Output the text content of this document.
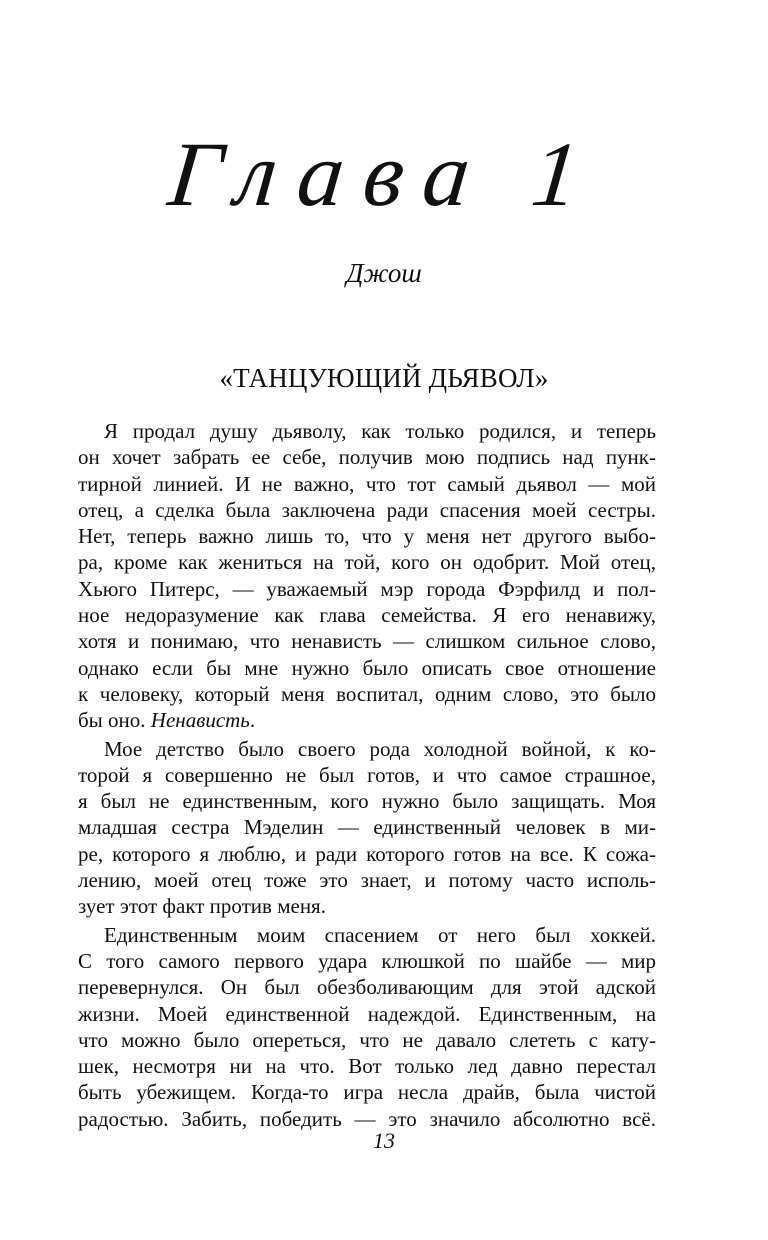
Глава 1
Джош
«ТАНЦУЮЩИЙ ДЬЯВОЛ»
Я продал душу дьяволу, как только родился, и теперь
он хочет забрать ее себе, получив мою подпись над пунк-
тирной линией. И не важно, что тот самый дьявол — мой
отец, а сделка была заключена ради спасения моей сестры.
Нет, теперь важно лишь то, что у меня нет другого выбо-
ра, кроме как жениться на той, кого он одобрит. Мой отец,
Хьюго Питерс, — уважаемый мэр города Фэрфилд и пол-
ное недоразумение как глава семейства. Я его ненавижу,
хотя и понимаю, что ненависть — слишком сильное слово,
однако если бы мне нужно было описать свое отношение
к человеку, который меня воспитал, одним слово, это было
бы оно. Ненависть.
Мое детство было своего рода холодной войной, к ко-
торой я совершенно не был готов, и что самое страшное,
я был не единственным, кого нужно было защищать. Моя
младшая сестра Мэделин — единственный человек в ми-
ре, которого я люблю, и ради которого готов на все. К сожа-
лению, моей отец тоже это знает, и потому часто исполь-
зует этот факт против меня.
Единственным моим спасением от него был хоккей.
С того самого первого удара клюшкой по шайбе — мир
перевернулся. Он был обезболивающим для этой адской
жизни. Моей единственной надеждой. Единственным, на
что можно было опереться, что не давало слететь с кату-
шек, несмотря ни на что. Вот только лед давно перестал
быть убежищем. Когда-то игра несла драйв, была чистой
радостью. Забить, победить — это значило абсолютно всё.
13
